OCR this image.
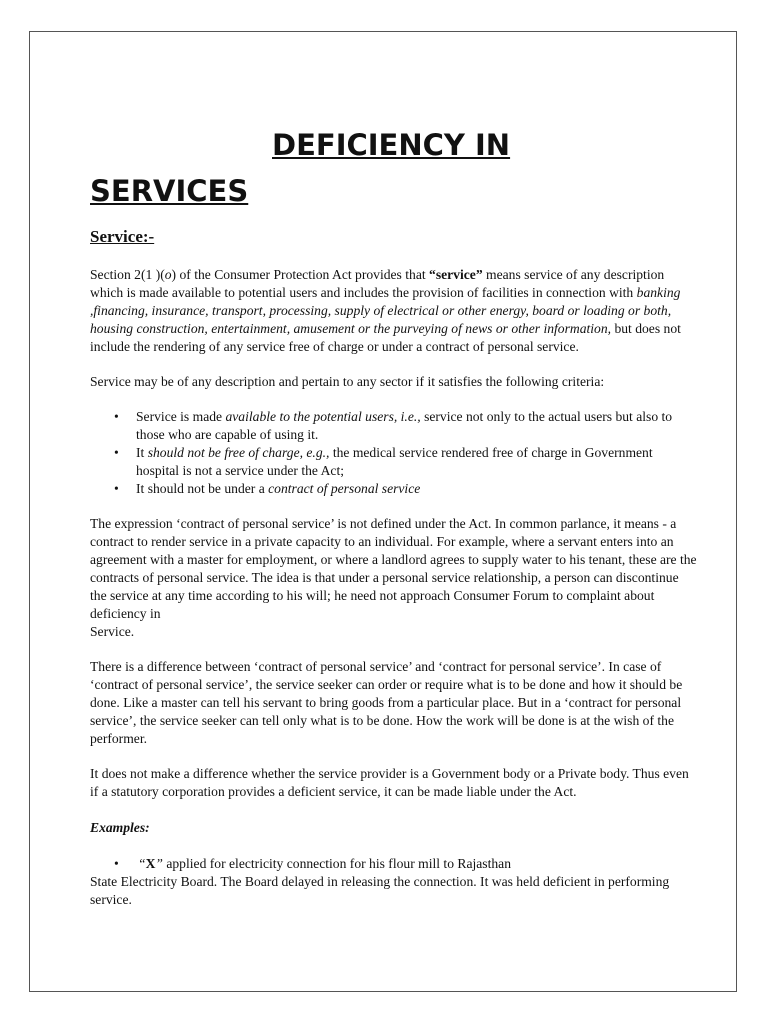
DEFICIENCY IN
SERVICES
Service:-

Section 2(1 )(o) of the Consumer Protection Act provides that “service” means service of any description which is made available to potential users and includes the provision of facilities in connection with banking ,financing, insurance, transport, processing, supply of electrical or other energy, board or loading or both, housing construction, entertainment, amusement or the purveying of news or other information, but does not include the rendering of any service free of charge or under a contract of personal service.

Service may be of any description and pertain to any sector if it satisfies the following criteria:

• Service is made available to the potential users, i.e., service not only to the actual users but also to those who are capable of using it.
• It should not be free of charge, e.g., the medical service rendered free of charge in Government hospital is not a service under the Act;
• It should not be under a contract of personal service

The expression ‘contract of personal service’ is not defined under the Act. In common parlance, it means - a contract to render service in a private capacity to an individual. For example, where a servant enters into an agreement with a master for employment, or where a landlord agrees to supply water to his tenant, these are the contracts of personal service. The idea is that under a personal service relationship, a person can discontinue the service at any time according to his will; he need not approach Consumer Forum to complaint about deficiency in
Service.

There is a difference between ‘contract of personal service’ and ‘contract for personal service’. In case of ‘contract of personal service’, the service seeker can order or require what is to be done and how it should be done. Like a master can tell his servant to bring goods from a particular place. But in a ‘contract for personal service’, the service seeker can tell only what is to be done. How the work will be done is at the wish of the performer.

It does not make a difference whether the service provider is a Government body or a Private body. Thus even if a statutory corporation provides a deficient service, it can be made liable under the Act.

Examples:
• “X” applied for electricity connection for his flour mill to Rajasthan

State Electricity Board. The Board delayed in releasing the connection. It was held deficient in performing service.
